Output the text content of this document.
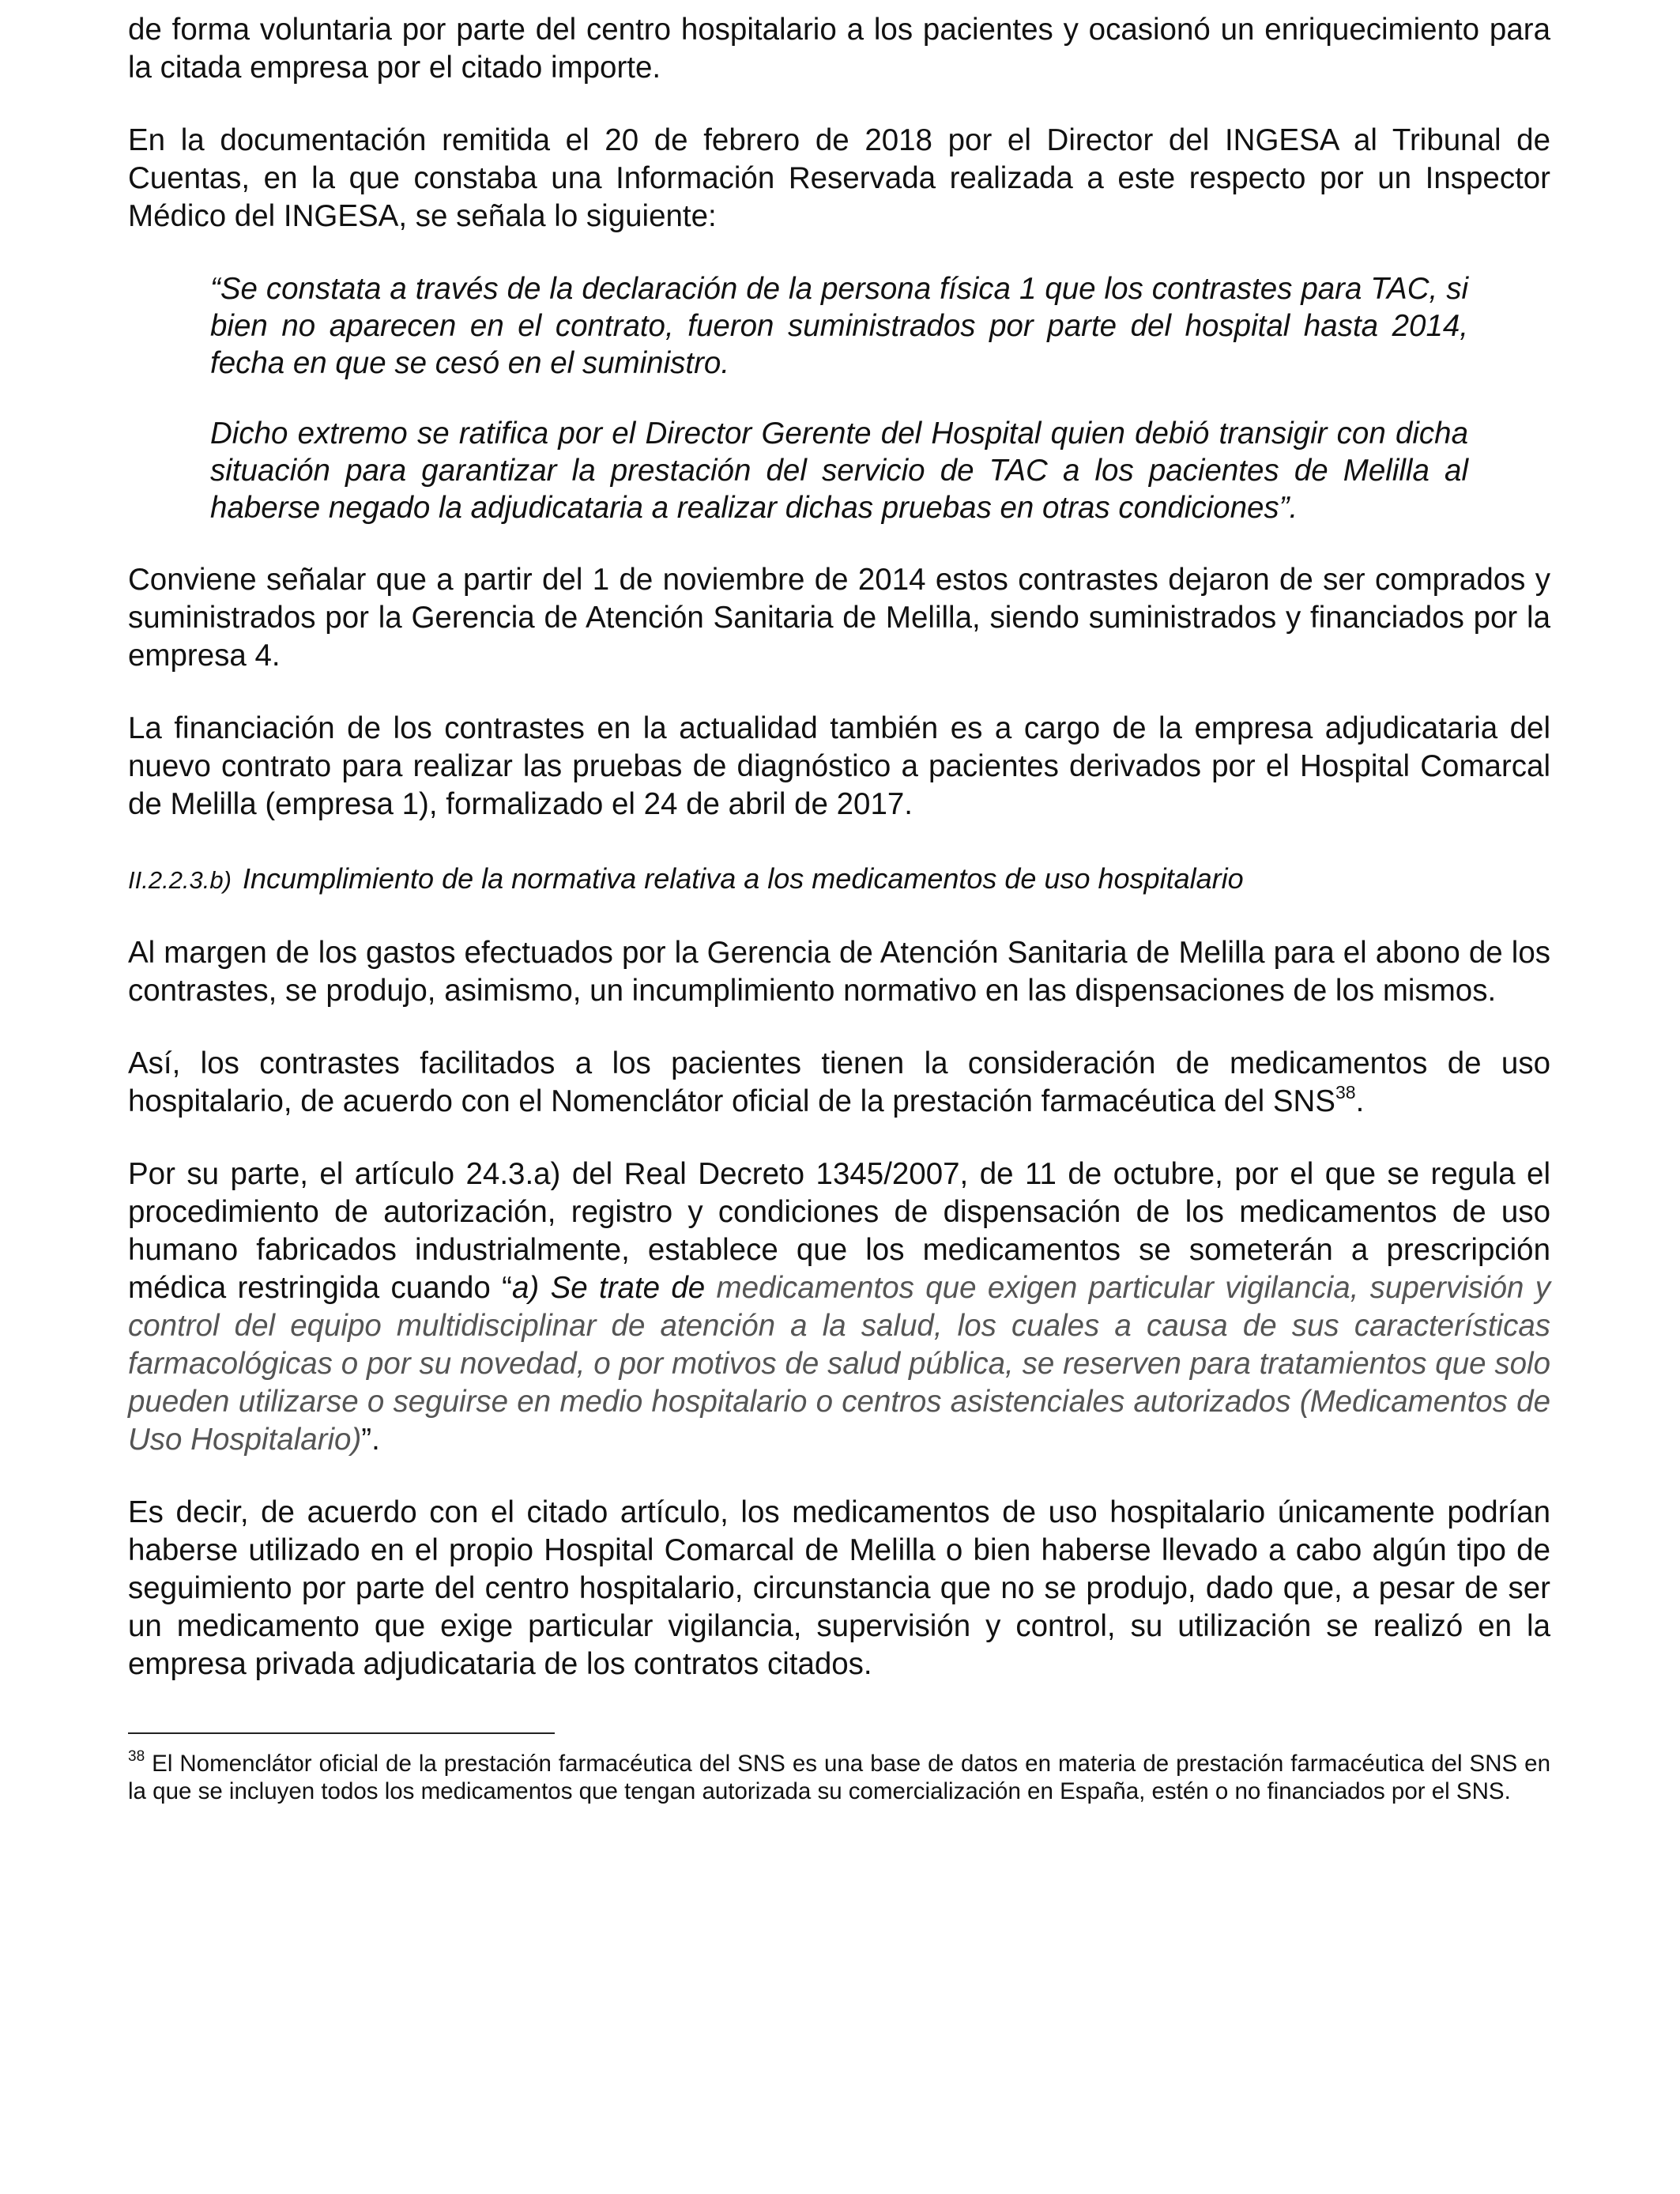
de forma voluntaria por parte del centro hospitalario a los pacientes y ocasionó un enriquecimiento para la citada empresa por el citado importe.

En la documentación remitida el 20 de febrero de 2018 por el Director del INGESA al Tribunal de Cuentas, en la que constaba una Información Reservada realizada a este respecto por un Inspector Médico del INGESA, se señala lo siguiente:

“Se constata a través de la declaración de la persona física 1 que los contrastes para TAC, si bien no aparecen en el contrato, fueron suministrados por parte del hospital hasta 2014, fecha en que se cesó en el suministro.

Dicho extremo se ratifica por el Director Gerente del Hospital quien debió transigir con dicha situación para garantizar la prestación del servicio de TAC a los pacientes de Melilla al haberse negado la adjudicataria a realizar dichas pruebas en otras condiciones”.

Conviene señalar que a partir del 1 de noviembre de 2014 estos contrastes dejaron de ser comprados y suministrados por la Gerencia de Atención Sanitaria de Melilla, siendo suministrados y financiados por la empresa 4.

La financiación de los contrastes en la actualidad también es a cargo de la empresa adjudicataria del nuevo contrato para realizar las pruebas de diagnóstico a pacientes derivados por el Hospital Comarcal de Melilla (empresa 1), formalizado el 24 de abril de 2017.

II.2.2.3.b) Incumplimiento de la normativa relativa a los medicamentos de uso hospitalario

Al margen de los gastos efectuados por la Gerencia de Atención Sanitaria de Melilla para el abono de los contrastes, se produjo, asimismo, un incumplimiento normativo en las dispensaciones de los mismos.

Así, los contrastes facilitados a los pacientes tienen la consideración de medicamentos de uso hospitalario, de acuerdo con el Nomenclátor oficial de la prestación farmacéutica del SNS$^{38}$.

Por su parte, el artículo 24.3.a) del Real Decreto 1345/2007, de 11 de octubre, por el que se regula el procedimiento de autorización, registro y condiciones de dispensación de los medicamentos de uso humano fabricados industrialmente, establece que los medicamentos se someterán a prescripción médica restringida cuando “a) Se trate de medicamentos que exigen particular vigilancia, supervisión y control del equipo multidisciplinar de atención a la salud, los cuales a causa de sus características farmacológicas o por su novedad, o por motivos de salud pública, se reserven para tratamientos que solo pueden utilizarse o seguirse en medio hospitalario o centros asistenciales autorizados (Medicamentos de Uso Hospitalario)”.

Es decir, de acuerdo con el citado artículo, los medicamentos de uso hospitalario únicamente podrían haberse utilizado en el propio Hospital Comarcal de Melilla o bien haberse llevado a cabo algún tipo de seguimiento por parte del centro hospitalario, circunstancia que no se produjo, dado que, a pesar de ser un medicamento que exige particular vigilancia, supervisión y control, su utilización se realizó en la empresa privada adjudicataria de los contratos citados.

$^{38}$ El Nomenclátor oficial de la prestación farmacéutica del SNS es una base de datos en materia de prestación farmacéutica del SNS en la que se incluyen todos los medicamentos que tengan autorizada su comercialización en España, estén o no financiados por el SNS.
